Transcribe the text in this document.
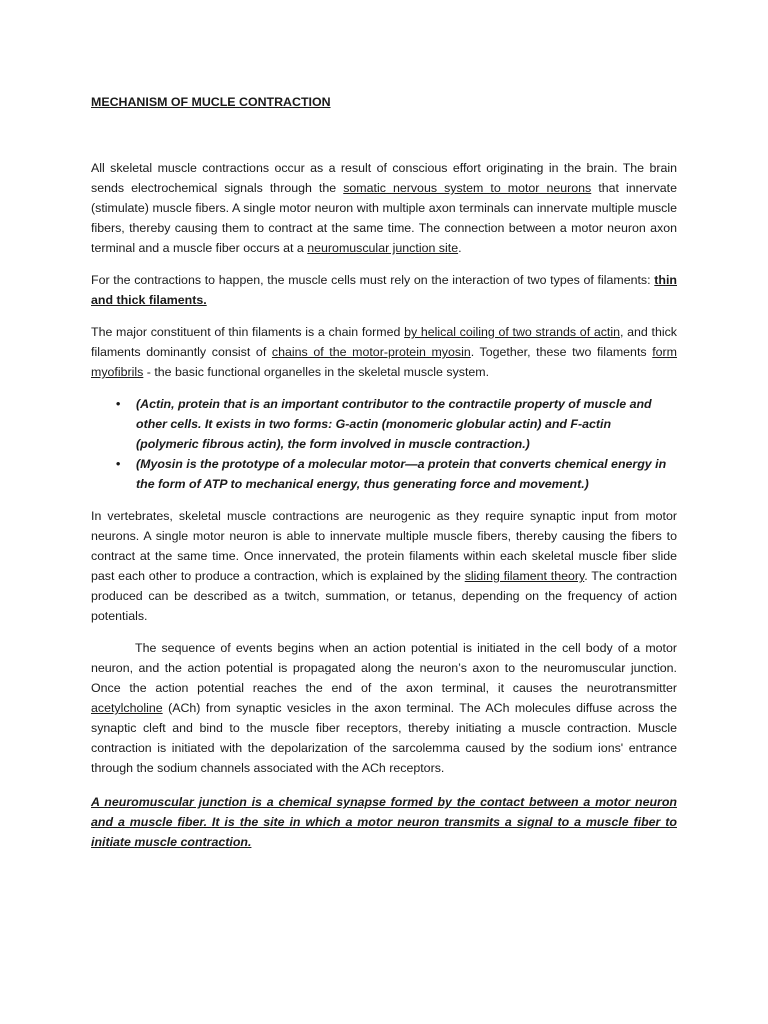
MECHANISM OF MUCLE CONTRACTION

All skeletal muscle contractions occur as a result of conscious effort originating in the brain. The brain sends electrochemical signals through the somatic nervous system to motor neurons that innervate (stimulate) muscle fibers. A single motor neuron with multiple axon terminals can innervate multiple muscle fibers, thereby causing them to contract at the same time. The connection between a motor neuron axon terminal and a muscle fiber occurs at a neuromuscular junction site.

For the contractions to happen, the muscle cells must rely on the interaction of two types of filaments: thin and thick filaments.

The major constituent of thin filaments is a chain formed by helical coiling of two strands of actin, and thick filaments dominantly consist of chains of the motor-protein myosin. Together, these two filaments form myofibrils - the basic functional organelles in the skeletal muscle system.

• (Actin, protein that is an important contributor to the contractile property of muscle and other cells. It exists in two forms: G-actin (monomeric globular actin) and F-actin (polymeric fibrous actin), the form involved in muscle contraction.)
• (Myosin is the prototype of a molecular motor—a protein that converts chemical energy in the form of ATP to mechanical energy, thus generating force and movement.)

In vertebrates, skeletal muscle contractions are neurogenic as they require synaptic input from motor neurons. A single motor neuron is able to innervate multiple muscle fibers, thereby causing the fibers to contract at the same time. Once innervated, the protein filaments within each skeletal muscle fiber slide past each other to produce a contraction, which is explained by the sliding filament theory. The contraction produced can be described as a twitch, summation, or tetanus, depending on the frequency of action potentials.

The sequence of events begins when an action potential is initiated in the cell body of a motor neuron, and the action potential is propagated along the neuron’s axon to the neuromuscular junction. Once the action potential reaches the end of the axon terminal, it causes the neurotransmitter acetylcholine (ACh) from synaptic vesicles in the axon terminal. The ACh molecules diffuse across the synaptic cleft and bind to the muscle fiber receptors, thereby initiating a muscle contraction. Muscle contraction is initiated with the depolarization of the sarcolemma caused by the sodium ions' entrance through the sodium channels associated with the ACh receptors.

A neuromuscular junction is a chemical synapse formed by the contact between a motor neuron and a muscle fiber. It is the site in which a motor neuron transmits a signal to a muscle fiber to initiate muscle contraction.
